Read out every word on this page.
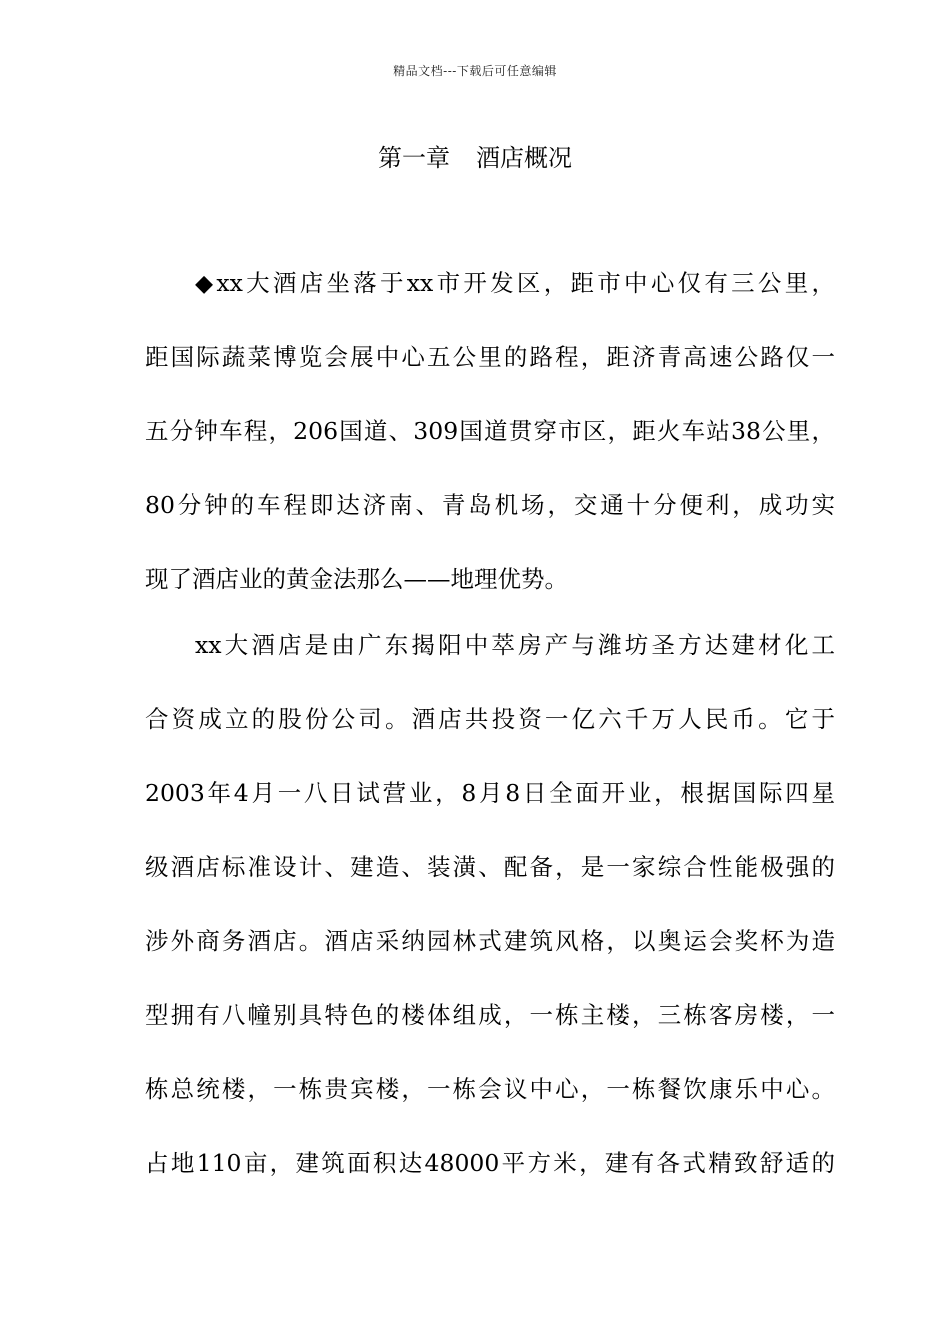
精品文档---下载后可任意编辑
第一章 酒店概况
◆xx大酒店坐落于xx市开发区，距市中心仅有三公里，
距国际蔬菜博览会展中心五公里的路程，距济青高速公路仅一
五分钟车程，206国道、309国道贯穿市区，距火车站38公里，
80分钟的车程即达济南、青岛机场，交通十分便利，成功实
现了酒店业的黄金法那么——地理优势。
xx大酒店是由广东揭阳中萃房产与潍坊圣方达建材化工
合资成立的股份公司。酒店共投资一亿六千万人民币。它于
2003年4月一八日试营业，8月8日全面开业，根据国际四星
级酒店标准设计、建造、装潢、配备，是一家综合性能极强的
涉外商务酒店。酒店采纳园林式建筑风格，以奥运会奖杯为造
型拥有八幢别具特色的楼体组成，一栋主楼，三栋客房楼，一
栋总统楼，一栋贵宾楼，一栋会议中心，一栋餐饮康乐中心。
占地110亩，建筑面积达48000平方米，建有各式精致舒适的
